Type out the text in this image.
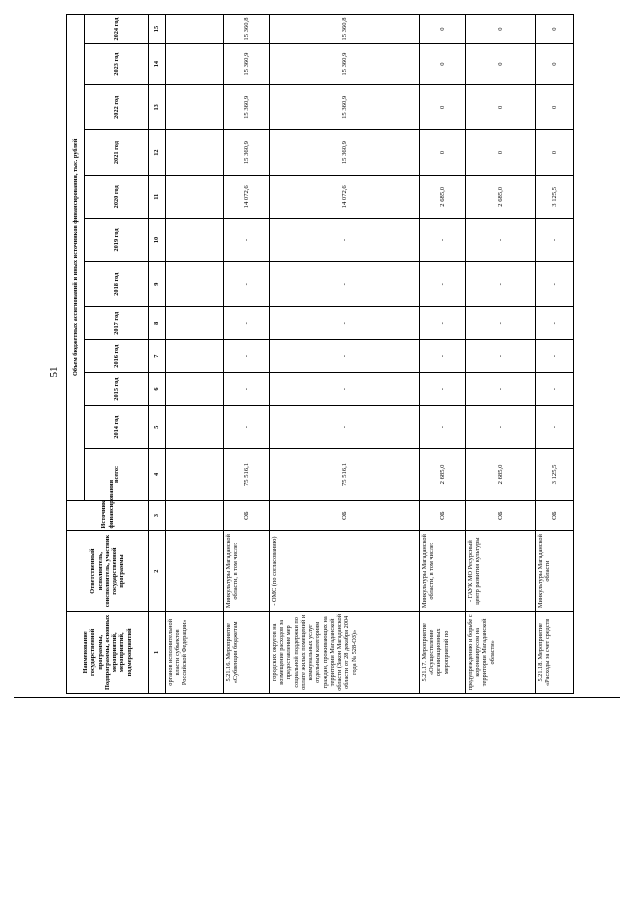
51
Наименование государственной программы, Подпрограммы, основных мероприятий, мероприятий, подмероприятий	Ответственный исполнитель, соисполнитель, участник государственной программы	Источник финансирования	Объем бюджетных ассигнований и иных источников финансирования, тыс. рублей											
			всего:	2014 год	2015 год	2016 год	2017 год	2018 год	2019 год	2020 год	2021 год	2022 год	2023 год	2024 год
1	2	3	4	5	6	7	8	9	10	11	12	13	14	15
органов исполнительной власти субъектов Российской Федерации»														
5.21.16. Мероприятие «Субвенции бюджетам	Минкультуры Магаданской области, в том числе:	ОБ	75 516,1	-	-	-	-	-	-	14 072,6	15 360,9	15 360,9	15 360,9	15 360,8
городских округов на возмещение расходов за предоставление мер социальной поддержки по оплате жилых помещений и коммунальных услуг отдельным категориям граждан, проживающих на территории Магаданской области (Закон Магаданской области от 28 декабря 2004 года № 528-ОЗ)»	- ОМС (по согласованию)	ОБ	75 516,1	-	-	-	-	-	-	14 072,6	15 360,9	15 360,9	15 360,9	15 360,8
5.21.17. Мероприятие «Осуществление организационных мероприятий по	Минкультуры Магаданской области, в том числе:	ОБ	2 685,0	-	-	-	-	-	-	2 685,0	0	0	0	0
предупреждению и борьбе с коронавирусом на территории Магаданской области»	- ГАУК МО Ресурсный центр развития культуры	ОБ	2 685,0	-	-	-	-	-	-	2 685,0	0	0	0	0
5.21.18. Мероприятие «Расходы за счет средств	Минкультуры Магаданской области	ОБ	3 125,5	-	-	-	-	-	-	3 125,5	0	0	0	0
